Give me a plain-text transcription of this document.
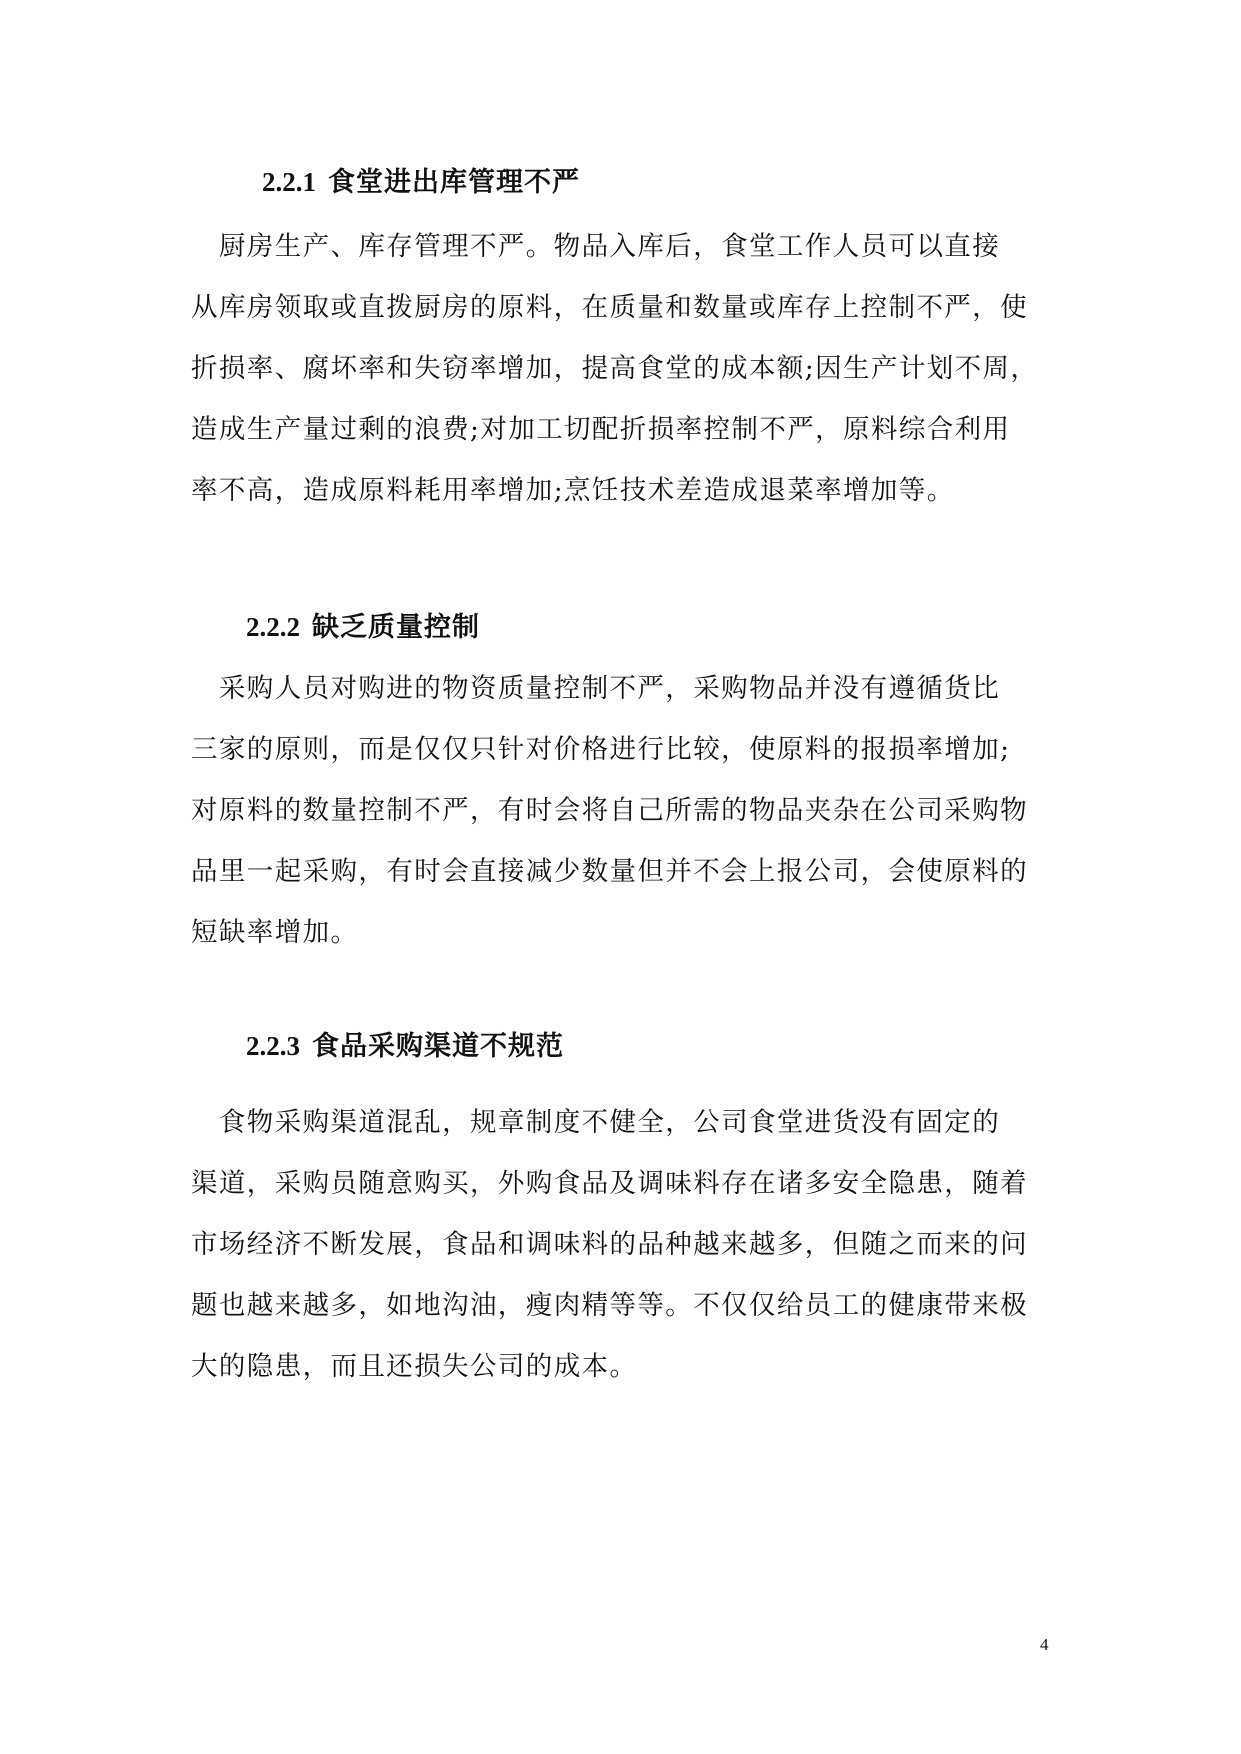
2.2.1 食堂进出库管理不严
　厨房生产、库存管理不严。物品入库后，食堂工作人员可以直接
从库房领取或直拨厨房的原料，在质量和数量或库存上控制不严，使
折损率、腐坏率和失窃率增加，提高食堂的成本额;因生产计划不周，
造成生产量过剩的浪费;对加工切配折损率控制不严，原料综合利用
率不高，造成原料耗用率增加;烹饪技术差造成退菜率增加等。
2.2.2 缺乏质量控制
　采购人员对购进的物资质量控制不严，采购物品并没有遵循货比
三家的原则，而是仅仅只针对价格进行比较，使原料的报损率增加;
对原料的数量控制不严，有时会将自己所需的物品夹杂在公司采购物
品里一起采购，有时会直接减少数量但并不会上报公司，会使原料的
短缺率增加。
2.2.3 食品采购渠道不规范
　食物采购渠道混乱，规章制度不健全，公司食堂进货没有固定的
渠道，采购员随意购买，外购食品及调味料存在诸多安全隐患，随着
市场经济不断发展，食品和调味料的品种越来越多，但随之而来的问
题也越来越多，如地沟油，瘦肉精等等。不仅仅给员工的健康带来极
大的隐患，而且还损失公司的成本。

4
